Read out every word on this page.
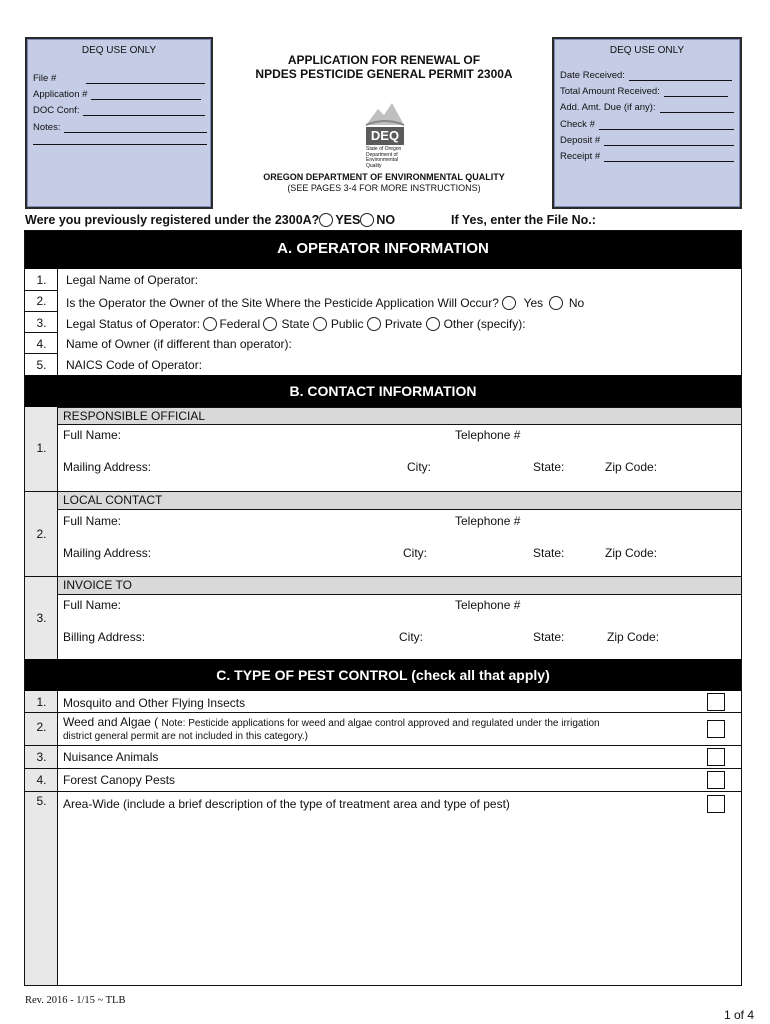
DEQ USE ONLY
File #
Application #
DOC Conf:
Notes:
DEQ USE ONLY
Date Received:
Total Amount Received:
Add. Amt. Due (if any):
Check #
Deposit #
Receipt #
APPLICATION FOR RENEWAL OF
NPDES PESTICIDE GENERAL PERMIT 2300A
DEQ
State of Oregon Department of Environmental Quality
OREGON DEPARTMENT OF ENVIRONMENTAL QUALITY
(SEE PAGES 3-4 FOR MORE INSTRUCTIONS)
Were you previously registered under the 2300A? YES NO	If Yes, enter the File No.:
A. OPERATOR INFORMATION
1.	Legal Name of Operator:
2.	Is the Operator the Owner of the Site Where the Pesticide Application Will Occur? Yes No
3.	Legal Status of Operator: Federal State Public Private Other (specify):
4.	Name of Owner (if different than operator):
5.	NAICS Code of Operator:
B. CONTACT INFORMATION
1.
RESPONSIBLE OFFICIAL
Full Name:	Telephone #
Mailing Address:	City:	State:	Zip Code:
2.
LOCAL CONTACT
Full Name:	Telephone #
Mailing Address:	City:	State:	Zip Code:
3.
INVOICE TO
Full Name:	Telephone #
Billing Address:	City:	State:	Zip Code:
C. TYPE OF PEST CONTROL (check all that apply)
1.	Mosquito and Other Flying Insects
2.	Weed and Algae ( Note: Pesticide applications for weed and algae control approved and regulated under the irrigation
district general permit are not included in this category.)
3.	Nuisance Animals
4.	Forest Canopy Pests
5.	Area-Wide (include a brief description of the type of treatment area and type of pest)
Rev. 2016 - 1/15 ~ TLB
1 of 4
